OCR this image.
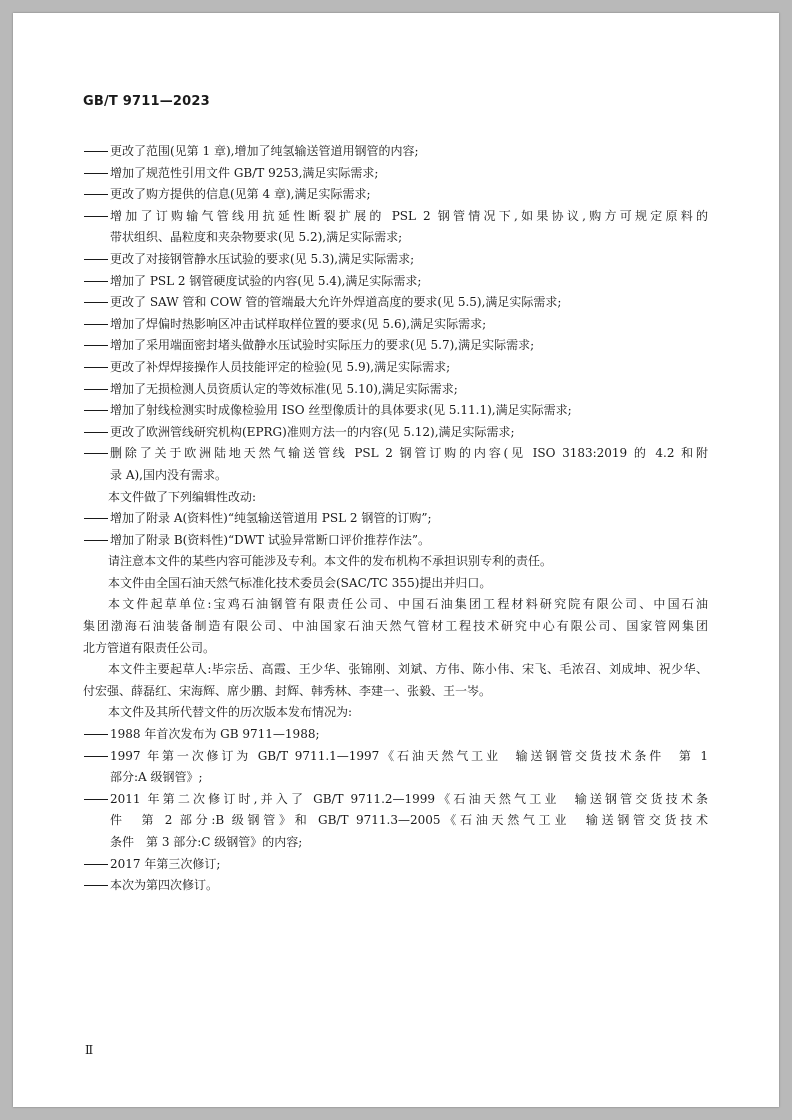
GB/T 9711—2023
更改了范围(见第 1 章),增加了纯氢输送管道用钢管的内容;
增加了规范性引用文件 GB/T 9253,满足实际需求;
更改了购方提供的信息(见第 4 章),满足实际需求;
增加了订购输气管线用抗延性断裂扩展的 PSL 2 钢管情况下,如果协议,购方可规定原料的
带状组织、晶粒度和夹杂物要求(见 5.2),满足实际需求;
更改了对接钢管静水压试验的要求(见 5.3),满足实际需求;
增加了 PSL 2 钢管硬度试验的内容(见 5.4),满足实际需求;
更改了 SAW 管和 COW 管的管端最大允许外焊道高度的要求(见 5.5),满足实际需求;
增加了焊偏时热影响区冲击试样取样位置的要求(见 5.6),满足实际需求;
增加了采用端面密封堵头做静水压试验时实际压力的要求(见 5.7),满足实际需求;
更改了补焊焊接操作人员技能评定的检验(见 5.9),满足实际需求;
增加了无损检测人员资质认定的等效标准(见 5.10),满足实际需求;
增加了射线检测实时成像检验用 ISO 丝型像质计的具体要求(见 5.11.1),满足实际需求;
更改了欧洲管线研究机构(EPRG)准则方法一的内容(见 5.12),满足实际需求;
删除了关于欧洲陆地天然气输送管线 PSL 2 钢管订购的内容(见 ISO 3183:2019 的 4.2 和附
录 A),国内没有需求。
本文件做了下列编辑性改动:
增加了附录 A(资料性)“纯氢输送管道用 PSL 2 钢管的订购”;
增加了附录 B(资料性)“DWT 试验异常断口评价推荐作法”。
请注意本文件的某些内容可能涉及专利。本文件的发布机构不承担识别专利的责任。
本文件由全国石油天然气标准化技术委员会(SAC/TC 355)提出并归口。
本文件起草单位:宝鸡石油钢管有限责任公司、中国石油集团工程材料研究院有限公司、中国石油
集团渤海石油装备制造有限公司、中油国家石油天然气管材工程技术研究中心有限公司、国家管网集团
北方管道有限责任公司。
本文件主要起草人:毕宗岳、高霞、王少华、张锦刚、刘斌、方伟、陈小伟、宋飞、毛浓召、刘成坤、祝少华、
付宏强、薛磊红、宋海辉、席少鹏、封辉、韩秀林、李建一、张毅、王一岑。
本文件及其所代替文件的历次版本发布情况为:
1988 年首次发布为 GB 9711—1988;
1997 年第一次修订为 GB/T 9711.1—1997《石油天然气工业　输送钢管交货技术条件　第 1
部分:A 级钢管》;
2011 年第二次修订时,并入了 GB/T 9711.2—1999《石油天然气工业　输送钢管交货技术条
件　第 2 部分:B 级钢管》和 GB/T 9711.3—2005《石油天然气工业　输送钢管交货技术
条件　第 3 部分:C 级钢管》的内容;
2017 年第三次修订;
本次为第四次修订。
Ⅱ
